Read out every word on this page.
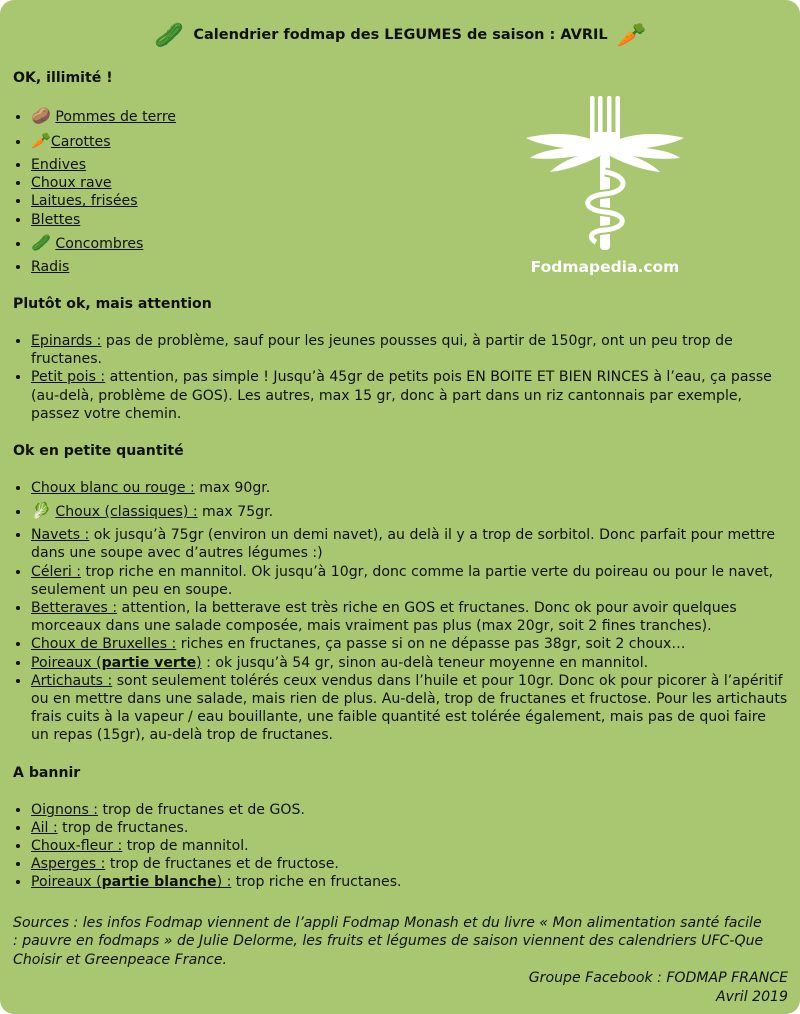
🥒 Calendrier fodmap des LEGUMES de saison : AVRIL 🥕
OK, illimité !
• 🥔 Pommes de terre
• 🥕Carottes
• Endives
• Choux rave
• Laitues, frisées
• Blettes
• 🥒 Concombres
• Radis
Plutôt ok, mais attention
• Epinards : pas de problème, sauf pour les jeunes pousses qui, à partir de 150gr, ont un peu trop de fructanes.
• Petit pois : attention, pas simple ! Jusqu’à 45gr de petits pois EN BOITE ET BIEN RINCES à l’eau, ça passe (au-delà, problème de GOS). Les autres, max 15 gr, donc à part dans un riz cantonnais par exemple, passez votre chemin.
Ok en petite quantité
• Choux blanc ou rouge : max 90gr.
• 🥬 Choux (classiques) : max 75gr.
• Navets : ok jusqu’à 75gr (environ un demi navet), au delà il y a trop de sorbitol. Donc parfait pour mettre dans une soupe avec d’autres légumes :)
• Céleri : trop riche en mannitol. Ok jusqu’à 10gr, donc comme la partie verte du poireau ou pour le navet, seulement un peu en soupe.
• Betteraves : attention, la betterave est très riche en GOS et fructanes. Donc ok pour avoir quelques morceaux dans une salade composée, mais vraiment pas plus (max 20gr, soit 2 fines tranches).
• Choux de Bruxelles : riches en fructanes, ça passe si on ne dépasse pas 38gr, soit 2 choux…
• Poireaux (partie verte) : ok jusqu’à 54 gr, sinon au-delà teneur moyenne en mannitol.
• Artichauts : sont seulement tolérés ceux vendus dans l’huile et pour 10gr. Donc ok pour picorer à l’apéritif ou en mettre dans une salade, mais rien de plus. Au-delà, trop de fructanes et fructose. Pour les artichauts frais cuits à la vapeur / eau bouillante, une faible quantité est tolérée également, mais pas de quoi faire un repas (15gr), au-delà trop de fructanes.
A bannir
• Oignons : trop de fructanes et de GOS.
• Ail : trop de fructanes.
• Choux-fleur : trop de mannitol.
• Asperges : trop de fructanes et de fructose.
• Poireaux (partie blanche) : trop riche en fructanes.
Sources : les infos Fodmap viennent de l’appli Fodmap Monash et du livre « Mon alimentation santé facile : pauvre en fodmaps » de Julie Delorme, les fruits et légumes de saison viennent des calendriers UFC-Que Choisir et Greenpeace France.
Groupe Facebook : FODMAP FRANCE
Avril 2019
Fodmapedia.com
